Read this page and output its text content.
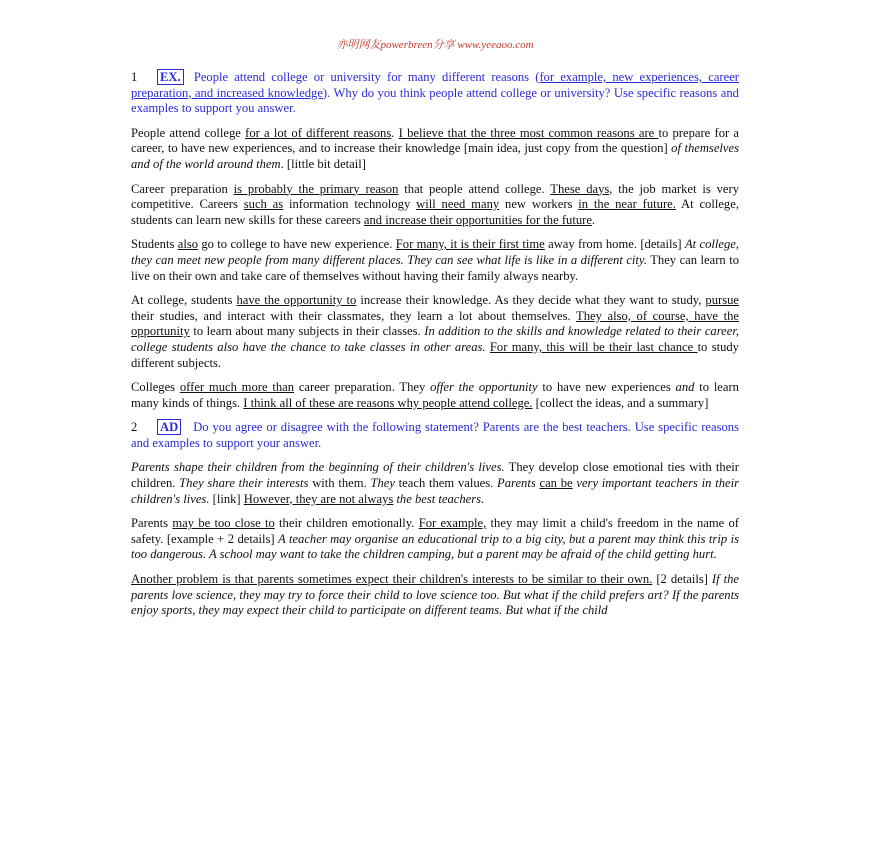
亦明网友powerbreen分享 www.yeeaoo.com

1 EX. People attend college or university for many different reasons (for example, new experiences, career preparation, and increased knowledge). Why do you think people attend college or university? Use specific reasons and examples to support you answer.

People attend college for a lot of different reasons. I believe that the three most common reasons are to prepare for a career, to have new experiences, and to increase their knowledge [main idea, just copy from the question] of themselves and of the world around them. [little bit detail]

Career preparation is probably the primary reason that people attend college. These days, the job market is very competitive. Careers such as information technology will need many new workers in the near future. At college, students can learn new skills for these careers and increase their opportunities for the future.

Students also go to college to have new experience. For many, it is their first time away from home. [details] At college, they can meet new people from many different places. They can see what life is like in a different city. They can learn to live on their own and take care of themselves without having their family always nearby.

At college, students have the opportunity to increase their knowledge. As they decide what they want to study, pursue their studies, and interact with their classmates, they learn a lot about themselves. They also, of course, have the opportunity to learn about many subjects in their classes. In addition to the skills and knowledge related to their career, college students also have the chance to take classes in other areas. For many, this will be their last chance to study different subjects.

Colleges offer much more than career preparation. They offer the opportunity to have new experiences and to learn many kinds of things. I think all of these are reasons why people attend college. [collect the ideas, and a summary]

2 AD Do you agree or disagree with the following statement? Parents are the best teachers. Use specific reasons and examples to support your answer.

Parents shape their children from the beginning of their children's lives. They develop close emotional ties with their children. They share their interests with them. They teach them values. Parents can be very important teachers in their children's lives. [link] However, they are not always the best teachers.

Parents may be too close to their children emotionally. For example, they may limit a child's freedom in the name of safety. [example + 2 details] A teacher may organise an educational trip to a big city, but a parent may think this trip is too dangerous. A school may want to take the children camping, but a parent may be afraid of the child getting hurt.

Another problem is that parents sometimes expect their children's interests to be similar to their own. [2 details] If the parents love science, they may try to force their child to love science too. But what if the child prefers art? If the parents enjoy sports, they may expect their child to participate on different teams. But what if the child
